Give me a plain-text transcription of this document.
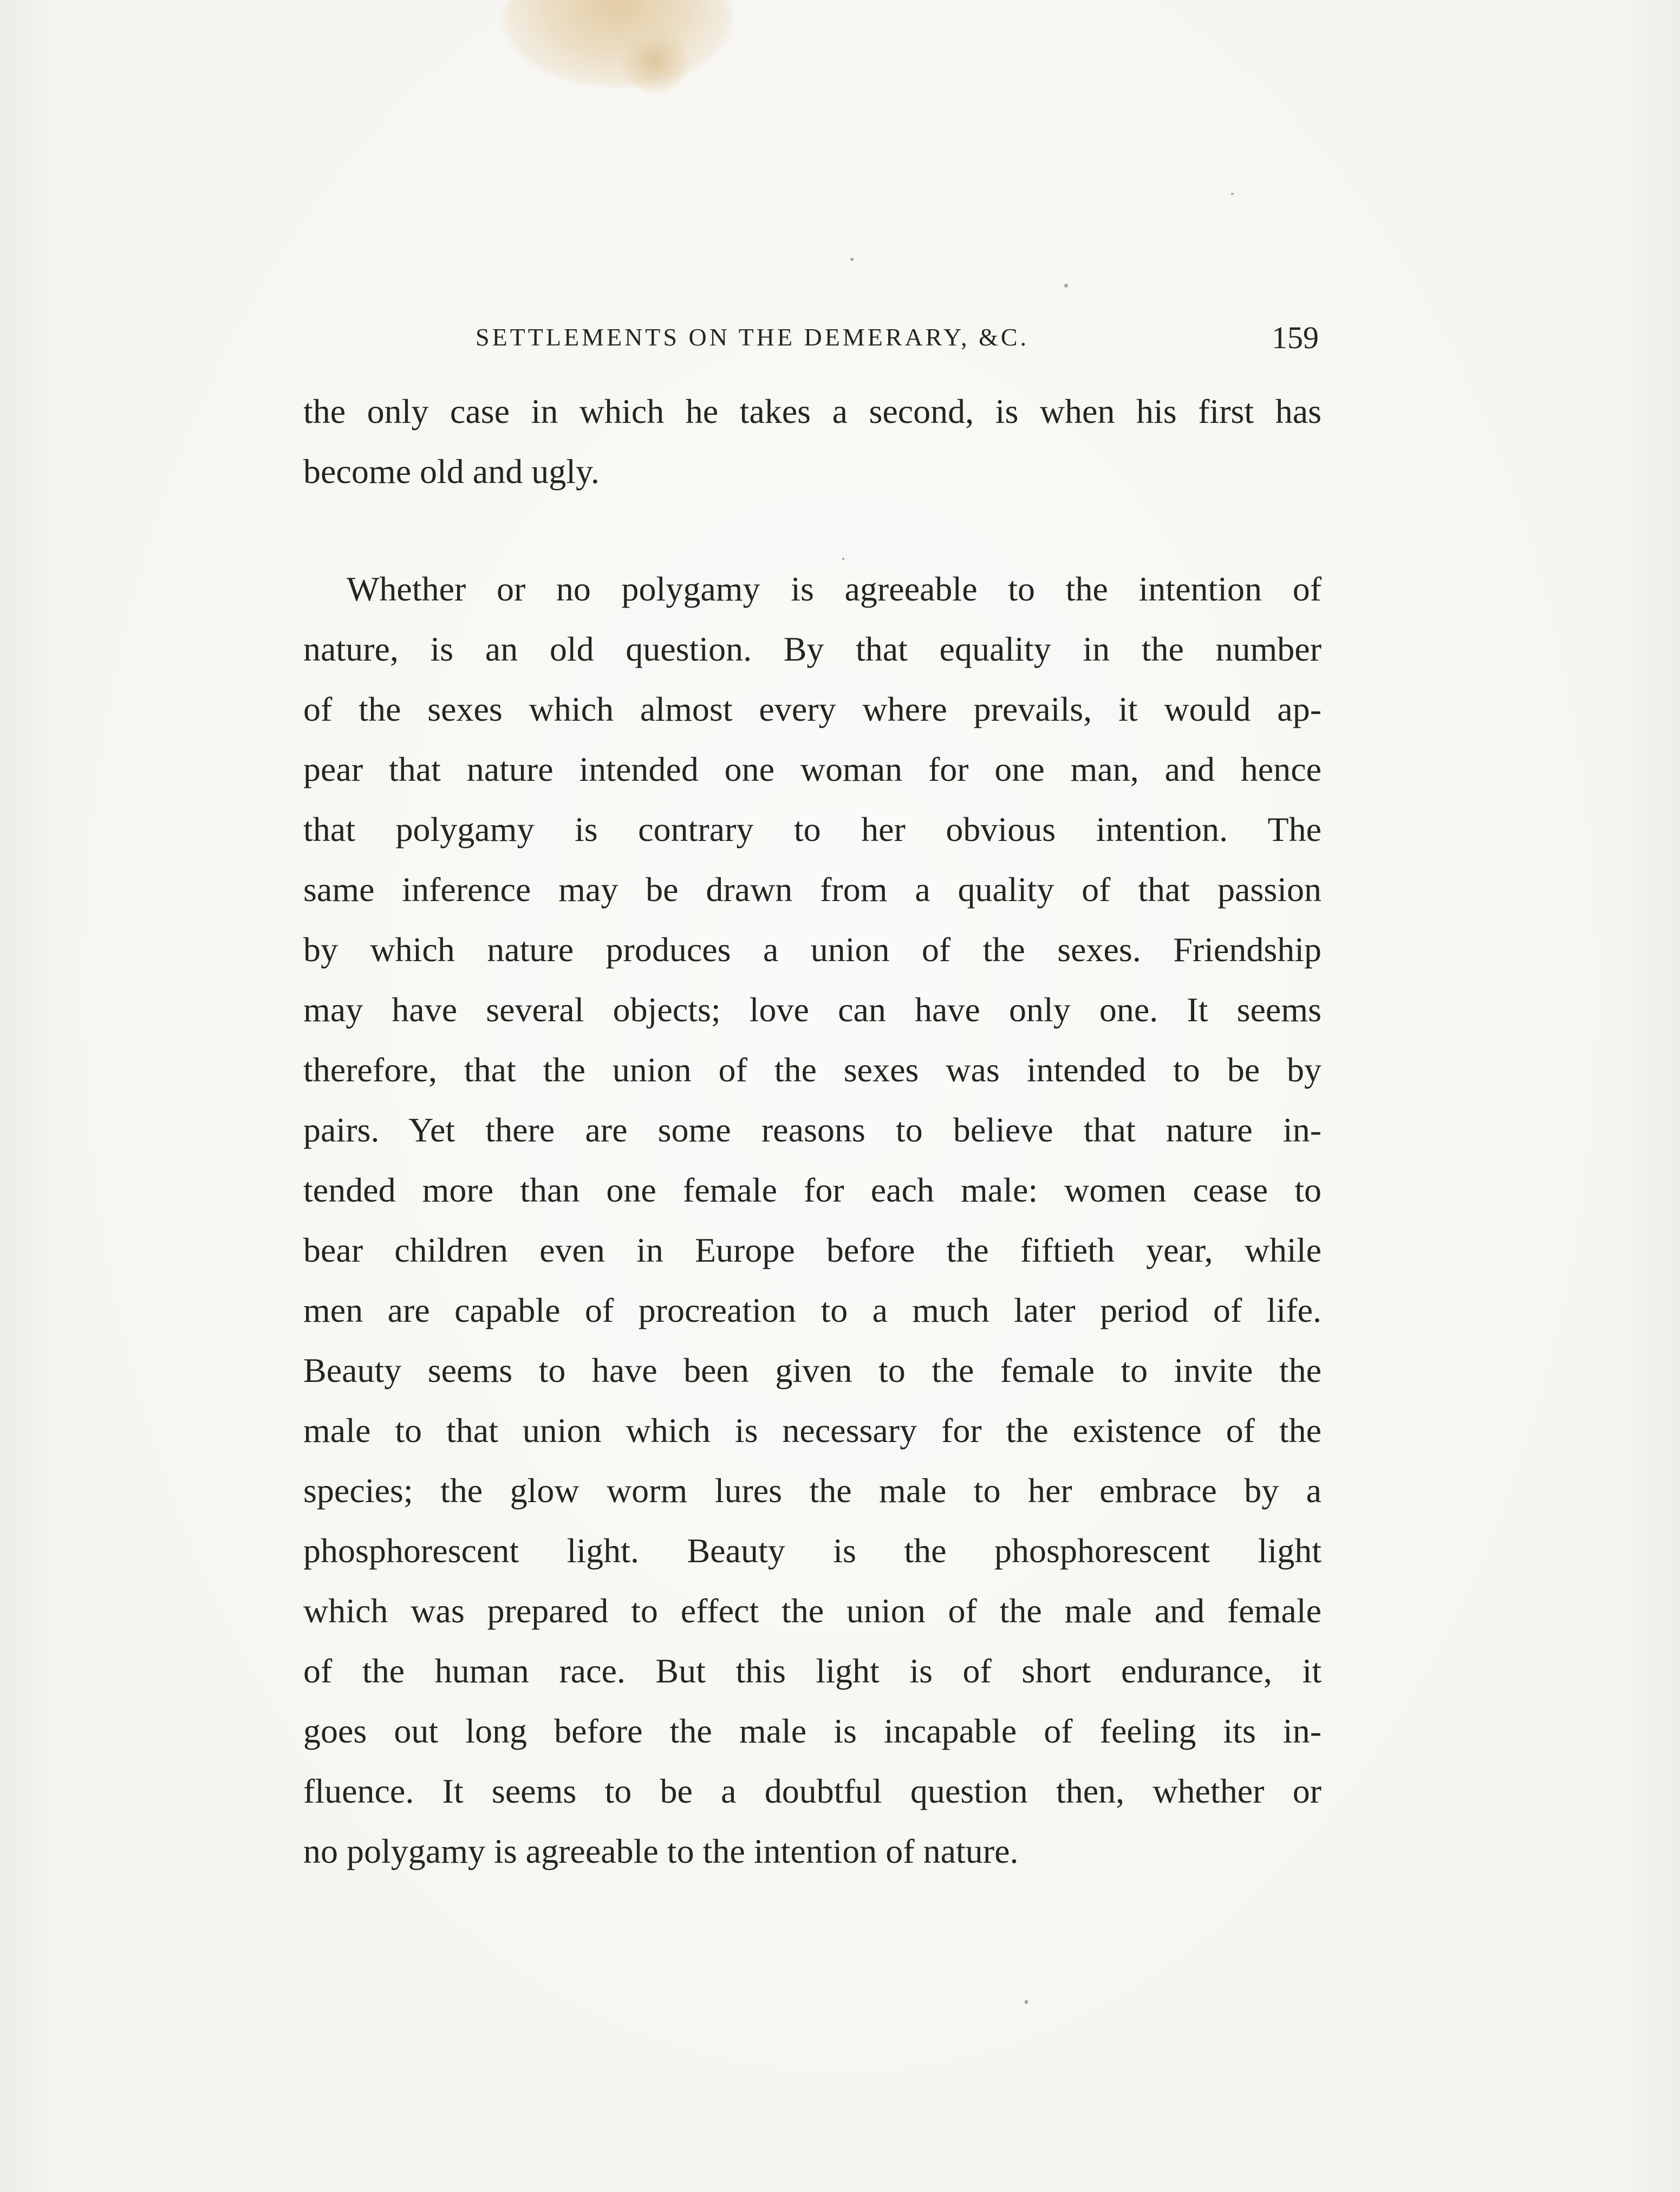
SETTLEMENTS ON THE DEMERARY, &C.	159
the only case in which he takes a second, is when his first has
become old and ugly.
Whether or no polygamy is agreeable to the intention of
nature, is an old question. By that equality in the number
of the sexes which almost every where prevails, it would ap-
pear that nature intended one woman for one man, and hence
that polygamy is contrary to her obvious intention. The
same inference may be drawn from a quality of that passion
by which nature produces a union of the sexes. Friendship
may have several objects; love can have only one. It seems
therefore, that the union of the sexes was intended to be by
pairs. Yet there are some reasons to believe that nature in-
tended more than one female for each male: women cease to
bear children even in Europe before the fiftieth year, while
men are capable of procreation to a much later period of life.
Beauty seems to have been given to the female to invite the
male to that union which is necessary for the existence of the
species; the glow worm lures the male to her embrace by a
phosphorescent light. Beauty is the phosphorescent light
which was prepared to effect the union of the male and female
of the human race. But this light is of short endurance, it
goes out long before the male is incapable of feeling its in-
fluence. It seems to be a doubtful question then, whether or
no polygamy is agreeable to the intention of nature.
